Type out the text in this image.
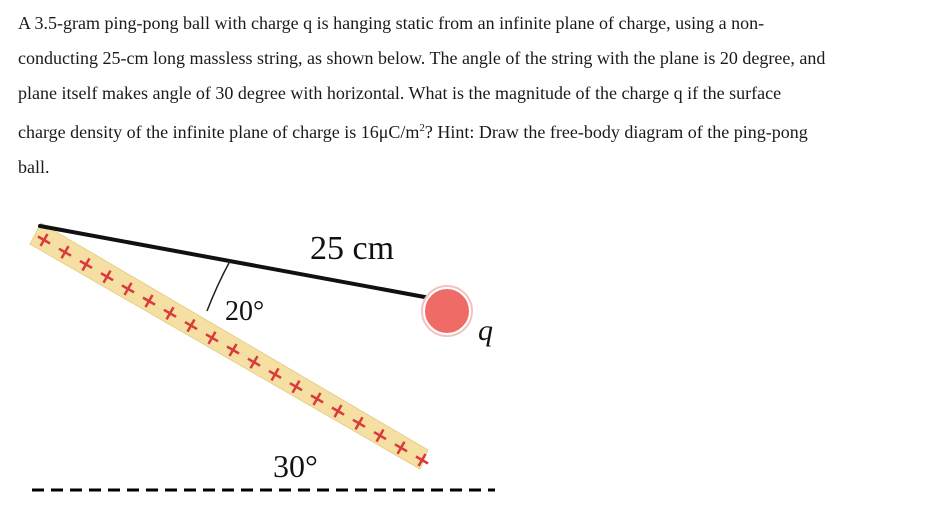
A 3.5-gram ping-pong ball with charge q is hanging static from an infinite plane of charge, using a non-
conducting 25-cm long massless string, as shown below. The angle of the string with the plane is 20 degree, and
plane itself makes angle of 30 degree with horizontal. What is the magnitude of the charge q if the surface
charge density of the infinite plane of charge is $16\mu C/m^2$? Hint: Draw the free-body diagram of the ping-pong
ball.
25 cm
20°
30°
q
